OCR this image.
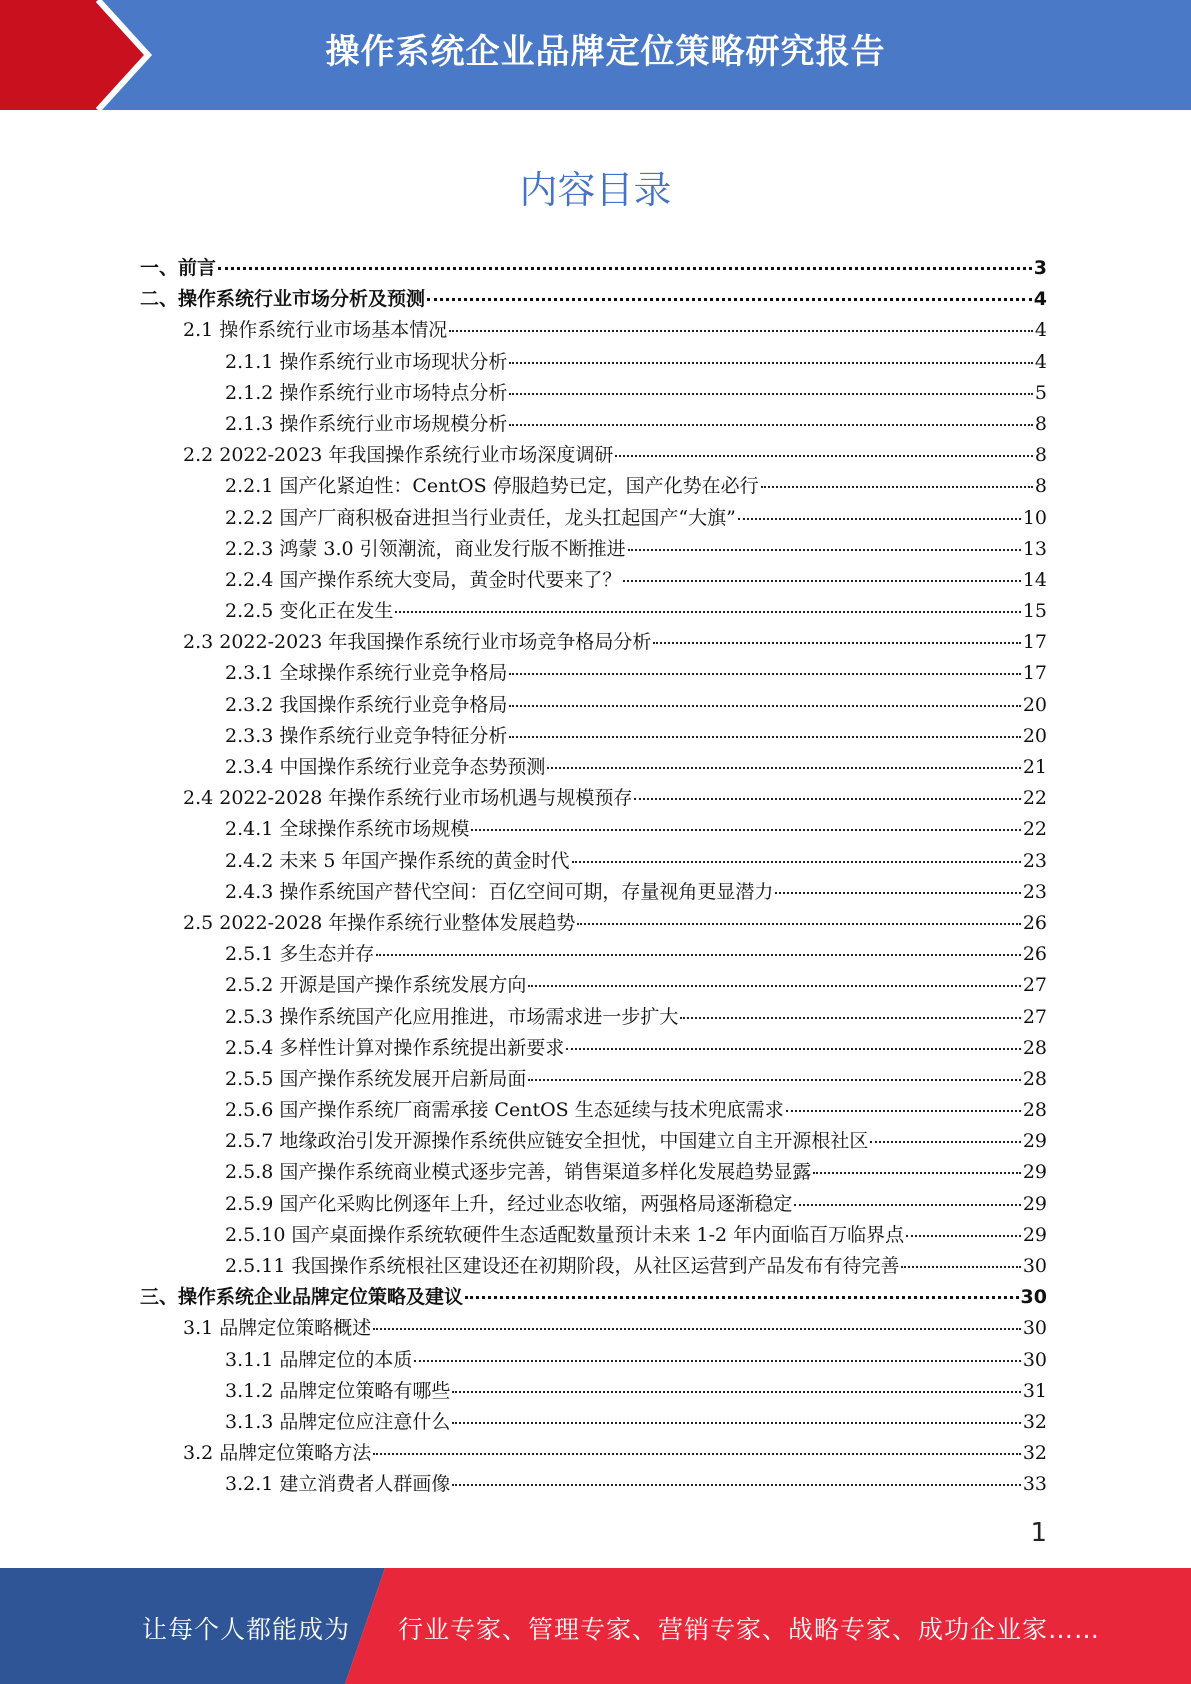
操作系统企业品牌定位策略研究报告
内容目录
一、前言	3
二、操作系统行业市场分析及预测	4
2.1 操作系统行业市场基本情况	4
2.1.1 操作系统行业市场现状分析	4
2.1.2 操作系统行业市场特点分析	5
2.1.3 操作系统行业市场规模分析	8
2.2 2022-2023 年我国操作系统行业市场深度调研	8
2.2.1 国产化紧迫性：CentOS 停服趋势已定，国产化势在必行	8
2.2.2 国产厂商积极奋进担当行业责任，龙头扛起国产“大旗”	10
2.2.3 鸿蒙 3.0 引领潮流，商业发行版不断推进	13
2.2.4 国产操作系统大变局，黄金时代要来了？	14
2.2.5 变化正在发生	15
2.3 2022-2023 年我国操作系统行业市场竞争格局分析	17
2.3.1 全球操作系统行业竞争格局	17
2.3.2 我国操作系统行业竞争格局	20
2.3.3 操作系统行业竞争特征分析	20
2.3.4 中国操作系统行业竞争态势预测	21
2.4 2022-2028 年操作系统行业市场机遇与规模预存	22
2.4.1 全球操作系统市场规模	22
2.4.2 未来 5 年国产操作系统的黄金时代	23
2.4.3 操作系统国产替代空间：百亿空间可期，存量视角更显潜力	23
2.5 2022-2028 年操作系统行业整体发展趋势	26
2.5.1 多生态并存	26
2.5.2 开源是国产操作系统发展方向	27
2.5.3 操作系统国产化应用推进，市场需求进一步扩大	27
2.5.4 多样性计算对操作系统提出新要求	28
2.5.5 国产操作系统发展开启新局面	28
2.5.6 国产操作系统厂商需承接 CentOS 生态延续与技术兜底需求	28
2.5.7 地缘政治引发开源操作系统供应链安全担忧，中国建立自主开源根社区	29
2.5.8 国产操作系统商业模式逐步完善，销售渠道多样化发展趋势显露	29
2.5.9 国产化采购比例逐年上升，经过业态收缩，两强格局逐渐稳定	29
2.5.10 国产桌面操作系统软硬件生态适配数量预计未来 1-2 年内面临百万临界点	29
2.5.11 我国操作系统根社区建设还在初期阶段，从社区运营到产品发布有待完善	30
三、操作系统企业品牌定位策略及建议	30
3.1 品牌定位策略概述	30
3.1.1 品牌定位的本质	30
3.1.2 品牌定位策略有哪些	31
3.1.3 品牌定位应注意什么	32
3.2 品牌定位策略方法	32
3.2.1 建立消费者人群画像	33
1
让每个人都能成为 行业专家、管理专家、营销专家、战略专家、成功企业家……
